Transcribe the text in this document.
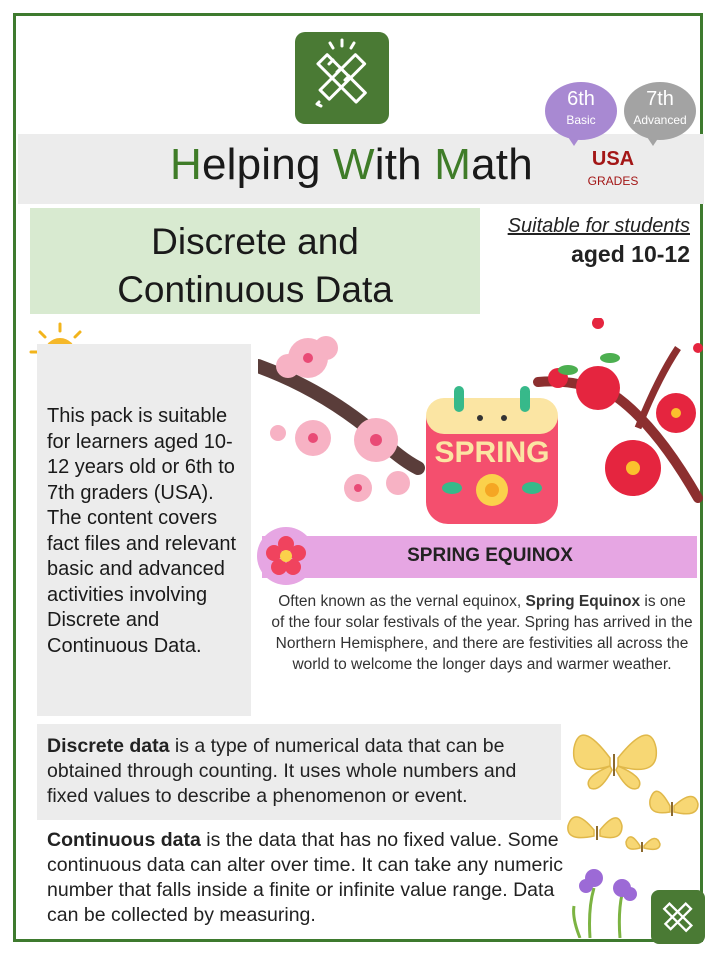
Helping With Math	USA
GRADES
6th
Basic
7th
Advanced
Discrete and
Continuous Data
Suitable for students
aged 10-12
This pack is suitable for learners aged 10-12 years old or 6th to 7th graders (USA). The content covers fact files and relevant basic and advanced activities involving Discrete and Continuous Data.
SPRING
SPRING EQUINOX
Often known as the vernal equinox, Spring Equinox is one of the four solar festivals of the year. Spring has arrived in the Northern Hemisphere, and there are festivities all across the world to welcome the longer days and warmer weather.
Discrete data is a type of numerical data that can be obtained through counting. It uses whole numbers and fixed values to describe a phenomenon or event.
Continuous data is the data that has no fixed value. Some continuous data can alter over time. It can take any numeric number that falls inside a finite or infinite value range. Data can be collected by measuring.
